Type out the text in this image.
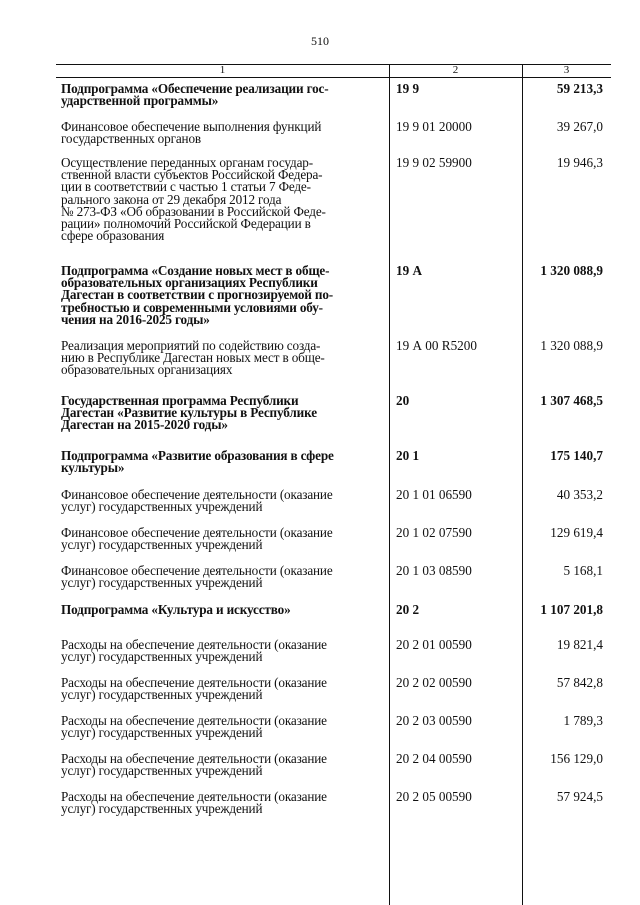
510
1	2	3
Подпрограмма «Обеспечение реализации гос-
ударственной программы»
19 9	59 213,3
Финансовое обеспечение выполнения функций
государственных органов
19 9 01 20000	39 267,0
Осуществление переданных органам государ-
ственной власти субъектов Российской Федера-
ции в соответствии с частью 1 статьи 7 Феде-
рального закона от 29 декабря 2012 года
№ 273-ФЗ «Об образовании в Российской Феде-
рации» полномочий Российской Федерации в
сфере образования
19 9 02 59900	19 946,3
Подпрограмма «Создание новых мест в обще-
образовательных организациях Республики
Дагестан в соответствии с прогнозируемой по-
требностью и современными условиями обу-
чения на 2016-2025 годы»
19 А	1 320 088,9
Реализация мероприятий по содействию созда-
нию в Республике Дагестан новых мест в обще-
образовательных организациях
19 А 00 R5200	1 320 088,9
Государственная программа Республики
Дагестан «Развитие культуры в Республике
Дагестан на 2015-2020 годы»
20	1 307 468,5
Подпрограмма «Развитие образования в сфере
культуры»
20 1	175 140,7
Финансовое обеспечение деятельности (оказание
услуг) государственных учреждений
20 1 01 06590	40 353,2
Финансовое обеспечение деятельности (оказание
услуг) государственных учреждений
20 1 02 07590	129 619,4
Финансовое обеспечение деятельности (оказание
услуг) государственных учреждений
20 1 03 08590	5 168,1
Подпрограмма «Культура и искусство»	20 2	1 107 201,8
Расходы на обеспечение деятельности (оказание
услуг) государственных учреждений
20 2 01 00590	19 821,4
Расходы на обеспечение деятельности (оказание
услуг) государственных учреждений
20 2 02 00590	57 842,8
Расходы на обеспечение деятельности (оказание
услуг) государственных учреждений
20 2 03 00590	1 789,3
Расходы на обеспечение деятельности (оказание
услуг) государственных учреждений
20 2 04 00590	156 129,0
Расходы на обеспечение деятельности (оказание
услуг) государственных учреждений
20 2 05 00590	57 924,5
